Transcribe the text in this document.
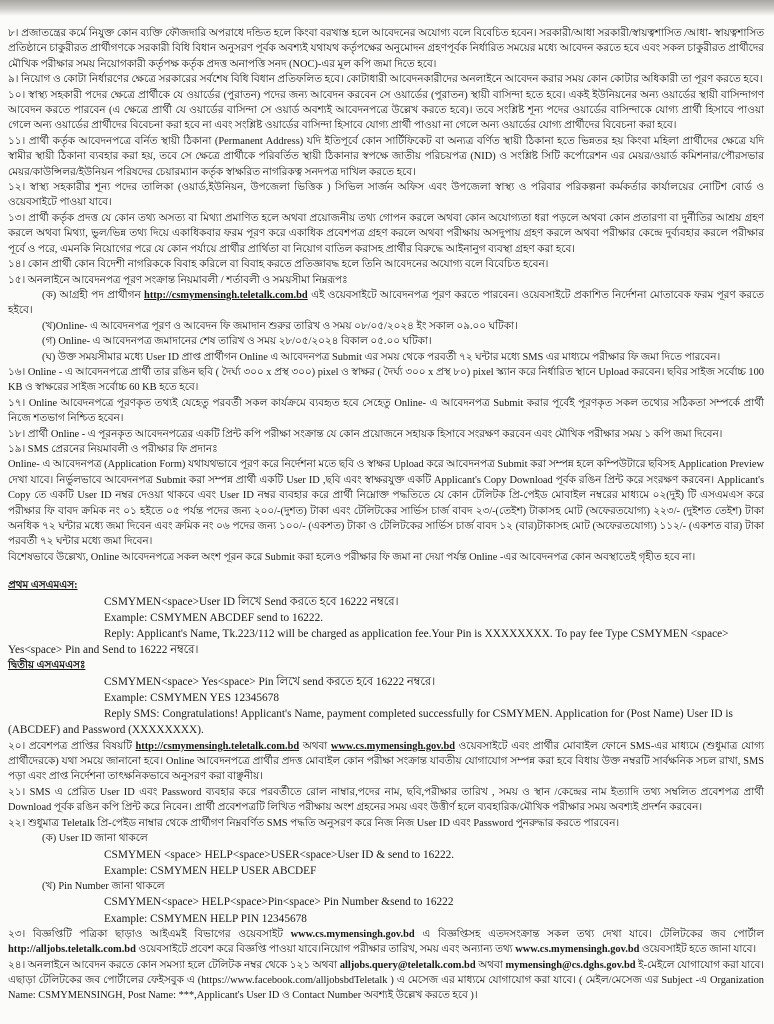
৮। প্রজাতন্ত্রের কর্মে নিযুক্ত কোন ব্যক্তি ফৌজদারি অপরাধে দন্ডিত হলে কিংবা বরখাস্ত হলে আবেদনের অযোগ্য বলে বিবেচিত হবেন। সরকারী/আধা সরকারী/স্বায়ত্বশাসিত /আধা- স্বায়ত্বশাসিত প্রতিষ্ঠানে চাকুরীরত প্রার্থীগণকে সরকারী বিধি বিধান অনুসরণ পূর্বক অবশ্যই যথাযথ কর্তৃপক্ষের অনুমোদন গ্রহণপূর্বক নির্ধারিত সময়ের মধ্যে আবেদন করতে হবে এবং সকল চাকুরীরত প্রার্থীদের মৌখিক পরীক্ষার সময় নিয়োগকারী কর্তৃপক্ষ কর্তৃক প্রদত্ত অনাপত্তি সনদ (NOC)-এর মূল কপি জমা দিতে হবে।

৯। নিয়োগ ও কোটা নির্ধারণের ক্ষেত্রে সরকারের সর্বশেষ বিধি বিধান প্রতিফলিত হবে। কোটাধারী আবেদনকারীদের অনলাইনে আবেদন করার সময় কোন কোটার অধিকারী তা পূরণ করতে হবে।

১০। স্বাস্থ্য সহকারী পদের ক্ষেত্রে প্রার্থীকে যে ওয়ার্ডের (পুরাতন) পদের জন্য আবেদন করবেন সে ওয়ার্ডের (পুরাতন) স্থায়ী বাসিন্দা হতে হবে। একই ইউনিয়নের অন্য ওয়ার্ডের স্থায়ী বাসিন্দাগণ আবেদন করতে পারবেন (এ ক্ষেত্রে প্রার্থী যে ওয়ার্ডের বাসিন্দা সে ওয়ার্ড অবশ্যই আবেদনপত্রে উল্লেখ করতে হবে)। তবে সংশ্লিষ্ট শূন্য পদের ওয়ার্ডের বাসিন্দাকে যোগ্য প্রার্থী হিসাবে পাওয়া গেলে অন্য ওয়ার্ডের প্রার্থীদের বিবেচনা করা হবে না এবং সংশ্লিষ্ট ওয়ার্ডের বাসিন্দা হিসাবে যোগ্য প্রার্থী পাওয়া না গেলে অন্য ওয়ার্ডের যোগ্য প্রার্থীদের বিবেচনা করা হবে।

১১। প্রার্থী কর্তৃক আবেদনপত্রে বর্নিত স্থায়ী ঠিকানা (Permanent Address) যদি ইতিপূর্বে কোন সার্টিফিকেট বা অন্যত্র বর্ণিত স্থায়ী ঠিকানা হতে ভিন্নতর হয় কিংবা মহিলা প্রার্থীদের ক্ষেত্রে যদি স্বামীর স্থায়ী ঠিকানা ব্যবহার করা হয়, তবে সে ক্ষেত্রে প্রার্থীকে পরিবর্তিত স্থায়ী ঠিকানার স্বপক্ষে জাতীয় পরিচয়পত্র (NID) ও সংশ্লিষ্ট সিটি কর্পোরেশন এর মেয়র/ওয়ার্ড কমিশনার/পৌরসভার মেয়র/কাউন্সিলর/ইউনিয়ন পরিষদের চেয়ারম্যান কর্তৃক স্বাক্ষরিত নাগরিকত্ব সনদপত্র দাখিল করতে হবে।

১২। স্বাস্থ্য সহকারীর শূন্য পদের তালিকা (ওয়ার্ড,ইউনিয়ন, উপজেলা ভিত্তিক ) সিভিল সার্জন অফিস এবং উপজেলা স্বাস্থ্য ও পরিবার পরিকল্পনা কর্মকর্তার কার্যালয়ের নোটিশ বোর্ড ও ওয়েবসাইটে পাওয়া যাবে।

১৩। প্রার্থী কর্তৃক প্রদত্ত যে কোন তথ্য অসত্য বা মিথ্যা প্রমাণিত হলে অথবা প্রয়োজনীয় তথ্য গোপন করলে অথবা কোন অযোগ্যতা ধরা পড়লে অথবা কোন প্রতারণা বা দুর্নীতির আশ্রয় গ্রহণ করলে অথবা মিথ্যা, ভুল/ভিন্ন তথ্য দিয়ে একাধিকবার ফরম পূরণ করে একাধিক প্রবেশপত্র গ্রহণ করলে অথবা পরীক্ষায় অসদুপায় গ্রহণ করলে অথবা পরীক্ষার কেন্দ্রে দুর্ব্যবহার করলে পরীক্ষার পূর্বে ও পরে, এমনকি নিয়োগের পরে যে কোন পর্যায়ে প্রার্থীর প্রার্থিতা বা নিয়োগ বাতিল করাসহ প্রার্থীর বিরুদ্ধে আইনানুগ ব্যবস্থা গ্রহণ করা হবে।

১৪। কোন প্রার্থী কোন বিদেশী নাগরিককে বিবাহ করিলে বা বিবাহ করতে প্রতিজ্ঞাবদ্ধ হলে তিনি আবেদনের অযোগ্য বলে বিবেচিত হবেন।

১৫। অনলাইনে আবেদনপত্র পূরণ সংক্রান্ত নিয়মাবলী / শর্তাবলী ও সময়সীমা নিম্নরূপঃ

(ক) আগ্রহী পদ প্রার্থীগন http://csmymensingh.teletalk.com.bd এই ওয়েবসাইটে আবেদনপত্র পূরণ করতে পারবেন। ওয়েবসাইটে প্রকাশিত নির্দেশনা মোতাবেক ফরম পূরণ করতে হইবে।

(খ)Online- এ আবেদনপত্র পূরণ ও আবেদন ফি জমাদান শুরুর তারিখ ও সময় ০৮/০৫/২০২৪ ইং সকাল ০৯.০০ ঘটিকা।

(গ) Online- এ আবেদনপত্র জমাদানের শেষ তারিখ ও সময় ২৮/০৫/২০২৪ বিকাল ০৫.০০ ঘটিকা।

(ঘ) উক্ত সময়সীমার মধ্যে User ID প্রাপ্ত প্রার্থীগন Online এ আবেদনপত্র Submit এর সময় থেকে পরবর্তী ৭২ ঘন্টার মধ্যে SMS এর মাধ্যমে পরীক্ষার ফি জমা দিতে পারবেন।

১৬। Online - এ আবেদনপত্রে প্রার্থী তার রঙিন ছবি ( দৈর্ঘ্য ৩০০ x প্রস্থ ৩০০) pixel ও স্বাক্ষর ( দৈর্ঘ্য ৩০০ x প্রস্থ ৮০) pixel স্ক্যান করে নির্ধারিত স্থানে Upload করবেন। ছবির সাইজ সর্বোচ্চ 100 KB ও স্বাক্ষরের সাইজ সর্বোচ্চ 60 KB হতে হবে।

১৭। Online আবেদনপত্রে পূরণকৃত তথ্যই যেহেতু পরবর্তী সকল কার্যক্রমে ব্যবহৃত হবে সেহেতু Online- এ আবেদনপত্র Submit করার পূর্বেই পূরণকৃত সকল তথ্যের সঠিকতা সম্পর্কে প্রার্থী নিজে শতভাগ নিশ্চিত হবেন।

১৮। প্রার্থী Online - এ পূরনকৃত আবেদনপত্রের একটি প্রিন্ট কপি পরীক্ষা সংক্রান্ত যে কোন প্রয়োজনে সহায়ক হিসাবে সংরক্ষণ করবেন এবং মৌখিক পরীক্ষার সময় ১ কপি জমা দিবেন।

১৯। SMS প্রেরনের নিয়মাবলী ও পরীক্ষার ফি প্রদানঃ

Online- এ আবেদনপত্র (Application Form) যথাযথভাবে পূরণ করে নির্দেশনা মতে ছবি ও স্বাক্ষর Upload করে আবেদনপত্র Submit করা সম্পন্ন হলে কম্পিউটারে ছবিসহ Application Preview দেখা যাবে। নির্ভুলভাবে আবেদনপত্র Submit করা সম্পন্ন প্রার্থী একটি User ID ,ছবি এবং স্বাক্ষরযুক্ত একটি Applicant's Copy Download পূর্বক রঙিন প্রিন্ট করে সংরক্ষণ করবেন। Applicant's Copy তে একটি User ID নম্বর দেওয়া থাকবে এবং User ID নম্বর ব্যবহার করে প্রার্থী নিম্নোক্ত পদ্ধতিতে যে কোন টেলিটক প্রি-পেইড মোবাইল নম্বরের মাধ্যমে ০২(দুই) টি এসএমএস করে পরীক্ষার ফি বাবদ ক্রমিক নং ০১ হইতে ০৫ পর্যন্ত পদের জন্য ২০০/-(দুশত) টাকা এবং টেলিটকের সার্ভিস চার্জ বাবদ ২৩/-(তেইশ) টাকাসহ মোট (অফেরতযোগ্য) ২২৩/- (দুইশত তেইশ) টাকা অনধিক ৭২ ঘন্টার মধ্যে জমা দিবেন এবং ক্রমিক নং ০৬ পদের জন্য ১০০/- (একশত) টাকা ও টেলিটকের সার্ভিস চার্জ বাবদ ১২ (বার)টাকাসহ মোট (অফেরতযোগ্য) ১১২/- (একশত বার) টাকা পরবর্তী ৭২ ঘন্টার মধ্যে জমা দিবেন।

বিশেষভাবে উল্লেখ্য, Online আবেদনপত্রে সকল অংশ পূরন করে Submit করা হলেও পরীক্ষার ফি জমা না দেয়া পর্যন্ত Online -এর আবেদনপত্র কোন অবস্থাতেই গৃহীত হবে না।

প্রথম এসএমএস:

CSMYMEN<space>User ID লিখে Send করতে হবে 16222 নম্বরে।

Example: CSMYMEN ABCDEF send to 16222.

Reply: Applicant's Name, Tk.223/112 will be charged as application fee.Your Pin is XXXXXXXX. To pay fee Type CSMYMEN <space> Yes<space> Pin and Send to 16222 নম্বরে।

দ্বিতীয় এসএমএসঃ

CSMYMEN<space> Yes<space> Pin লিখে send করতে হবে 16222 নম্বরে।

Example: CSMYMEN YES 12345678

Reply SMS: Congratulations! Applicant's Name, payment completed successfully for CSMYMEN. Application for (Post Name) User ID is (ABCDEF) and Password (XXXXXXXX).

২০। প্রবেশপত্র প্রাপ্তির বিষয়টি http://csmymensingh.teletalk.com.bd অথবা www.cs.mymensingh.gov.bd ওয়েবসাইটে এবং প্রার্থীর মোবাইল ফোনে SMS-এর মাধ্যমে (শুধুমাত্র যোগ্য প্রার্থীদেরকে) যথা সময়ে জানানো হবে। Online আবেদনপত্রে প্রার্থীর প্রদত্ত মোবাইল কোন পরীক্ষা সংক্রান্ত যাবতীয় যোগাযোগ সম্পন্ন করা হবে বিধায় উক্ত নম্বরটি সার্বক্ষনিক সচল রাখা, SMS পড়া এবং প্রাপ্ত নির্দেশনা তাৎক্ষনিকভাবে অনুসরণ করা বাঞ্ছনীয়।

২১। SMS এ প্রেরিত User ID এবং Password ব্যবহার করে পরবর্তীতে রোল নাম্বার,পদের নাম, ছবি,পরীক্ষার তারিখ , সময় ও স্থান /কেন্দ্রের নাম ইত্যাদি তথ্য সম্বলিত প্রবেশপত্র প্রার্থী Download পূর্বক রঙিন কপি প্রিন্ট করে নিবেন। প্রার্থী প্রবেশপত্রটি লিখিত পরীক্ষায় অংশ গ্রহনের সময় এবং উত্তীর্ণ হলে ব্যবহারিক/মৌখিক পরীক্ষার সময় অবশ্যই প্রদর্শন করবেন।

২২। শুধুমাত্র Teletalk প্রি-পেইড নাম্বার থেকে প্রার্থীগণ নিম্নবর্ণিত SMS পদ্ধতি অনুসরণ করে নিজ নিজ User ID এবং Password পুনরুদ্ধার করতে পারবেন।

(ক) User ID জানা থাকলে

CSMYMEN <space> HELP<space>USER<space>User ID & send to 16222.

Example: CSMYMEN HELP USER ABCDEF

(খ) Pin Number জানা থাকলে

CSMYMEN<space> HELP<space>Pin<space> Pin Number &send to 16222

Example: CSMYMEN HELP PIN 12345678

২৩। বিজ্ঞপ্তিটি পত্রিকা ছাড়াও আইএমই বিভাগের ওয়েবসাইট www.cs.mymensingh.gov.bd এ বিজ্ঞপ্তিসহ এতদসংক্রান্ত সকল তথ্য দেখা যাবে। টেলিটকের জব পোর্টাল http://alljobs.teletalk.com.bd ওয়েবসাইটে প্রবেশ করে বিজ্ঞপ্তি পাওয়া যাবে।নিয়োগ পরীক্ষার তারিখ, সময় এবং অন্যান্য তথ্য www.cs.mymensingh.gov.bd ওয়েবসাইট হতে জানা যাবে।

২৪। অনলাইনে আবেদন করতে কোন সমস্যা হলে টেলিটক নম্বর থেকে ১২১ অথবা alljobs.query@teletalk.com.bd অথবা mymensingh@cs.dghs.gov.bd ই-মেইলে যোগাযোগ করা যাবে। এছাড়া টেলিটকের জব পোর্টালের ফেইসবুক এ (https://www.facebook.com/alljobsbdTeletalk ) এ মেসেজ এর মাধ্যমে যোগাযোগ করা যাবে। ( মেইল/মেসেজ এর Subject -এ Organization Name: CSMYMENSINGH, Post Name: ***,Applicant's User ID ও Contact Number অবশ্যই উল্লেখ করতে হবে )।
